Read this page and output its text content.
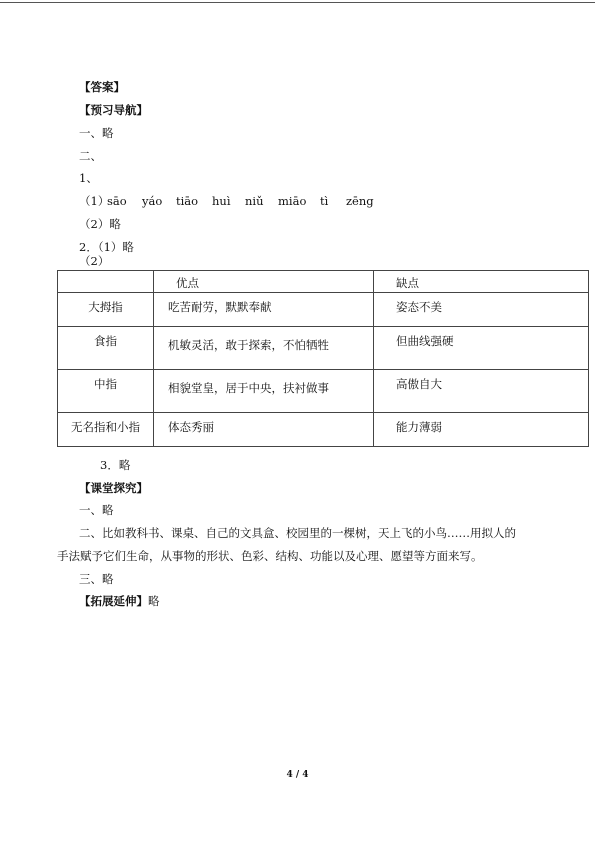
【答案】
【预习导航】
一、略
二、
1、
（1）sāo yáo tiāo huì niǔ miāo tì zēng
（2）略
2．（1）略
（2）
	优点	缺点
大拇指	吃苦耐劳，默默奉献	姿态不美
食指	机敏灵活，敢于探索，不怕牺牲	但曲线强硬
中指	相貌堂皇，居于中央，扶衬做事	高傲自大
无名指和小指	体态秀丽	能力薄弱
3．略
【课堂探究】
一、略
二、比如教科书、课桌、自己的文具盒、校园里的一棵树，天上飞的小鸟……用拟人的
手法赋予它们生命，从事物的形状、色彩、结构、功能以及心理、愿望等方面来写。
三、略
【拓展延伸】略
4 / 4
